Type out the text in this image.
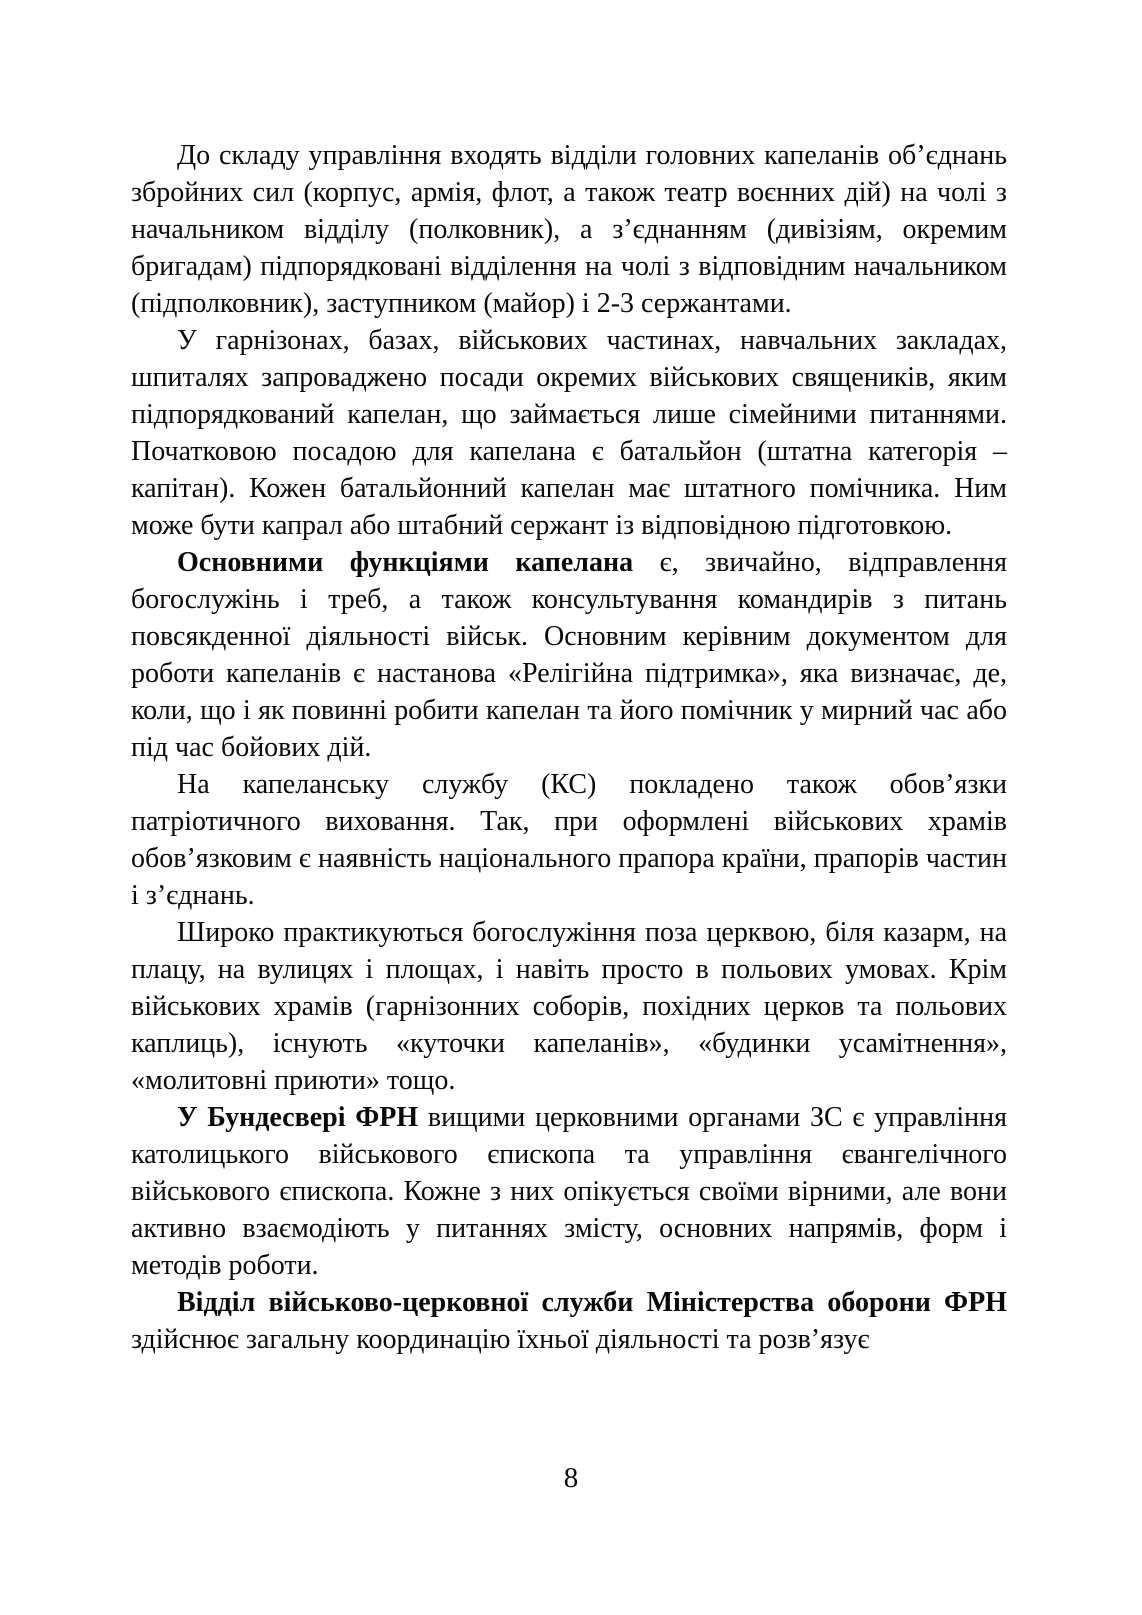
До складу управління входять відділи головних капеланів об’єднань збройних сил (корпус, армія, флот, а також театр воєнних дій) на чолі з начальником відділу (полковник), а з’єднанням (дивізіям, окремим бригадам) підпорядковані відділення на чолі з відповідним начальником (підполковник), заступником (майор) і 2-3 сержантами.

У гарнізонах, базах, військових частинах, навчальних закладах, шпиталях запроваджено посади окремих військових священиків, яким підпорядкований капелан, що займається лише сімейними питаннями. Початковою посадою для капелана є батальйон (штатна категорія – капітан). Кожен батальйонний капелан має штатного помічника. Ним може бути капрал або штабний сержант із відповідною підготовкою.

Основними функціями капелана є, звичайно, відправлення богослужінь і треб, а також консультування командирів з питань повсякденної діяльності військ. Основним керівним документом для роботи капеланів є настанова «Релігійна підтримка», яка визначає, де, коли, що і як повинні робити капелан та його помічник у мирний час або під час бойових дій.

На капеланську службу (КС) покладено також обов’язки патріотичного виховання. Так, при оформлені військових храмів обов’язковим є наявність національного прапора країни, прапорів частин і з’єднань.

Широко практикуються богослужіння поза церквою, біля казарм, на плацу, на вулицях і площах, і навіть просто в польових умовах. Крім військових храмів (гарнізонних соборів, похідних церков та польових каплиць), існують «куточки капеланів», «будинки усамітнення», «молитовні приюти» тощо.

У Бундесвері ФРН вищими церковними органами ЗС є управління католицького військового єпископа та управління євангелічного військового єпископа. Кожне з них опікується своїми вірними, але вони активно взаємодіють у питаннях змісту, основних напрямів, форм і методів роботи.

Відділ військово-церковної служби Міністерства оборони ФРН здійснює загальну координацію їхньої діяльності та розв’язує

8
